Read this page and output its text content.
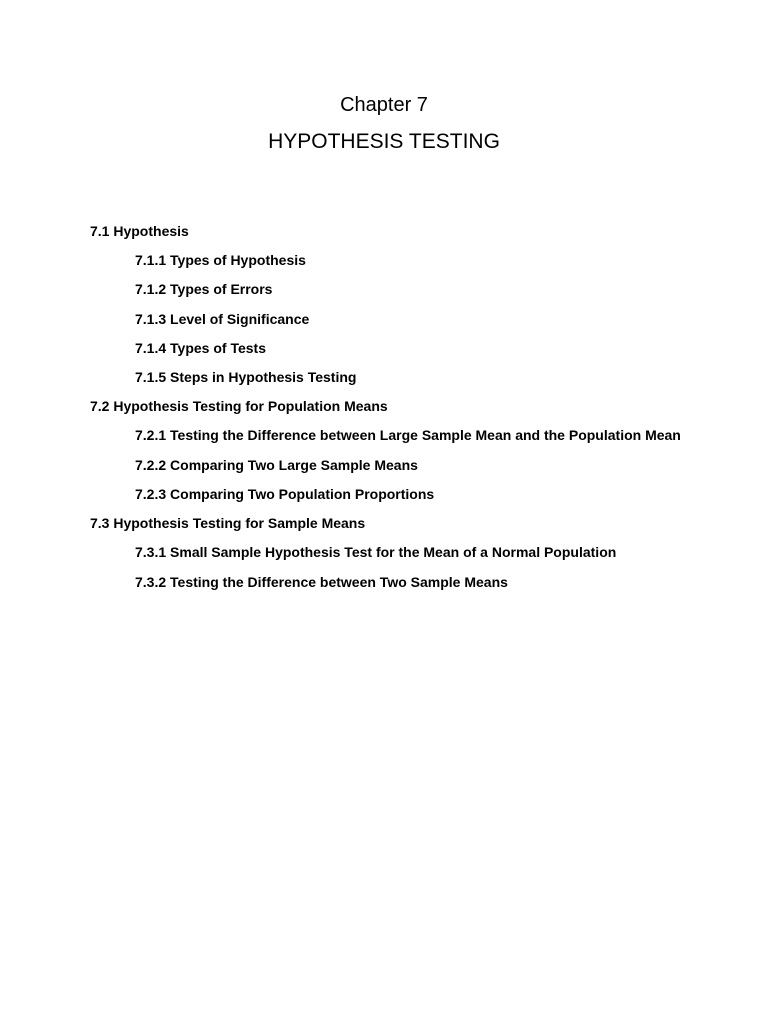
Chapter 7
HYPOTHESIS TESTING
7.1 Hypothesis
7.1.1 Types of Hypothesis
7.1.2 Types of Errors
7.1.3 Level of Significance
7.1.4 Types of Tests
7.1.5 Steps in Hypothesis Testing
7.2 Hypothesis Testing for Population Means
7.2.1 Testing the Difference between Large Sample Mean and the Population Mean
7.2.2 Comparing Two Large Sample Means
7.2.3 Comparing Two Population Proportions
7.3 Hypothesis Testing for Sample Means
7.3.1 Small Sample Hypothesis Test for the Mean of a Normal Population
7.3.2 Testing the Difference between Two Sample Means
